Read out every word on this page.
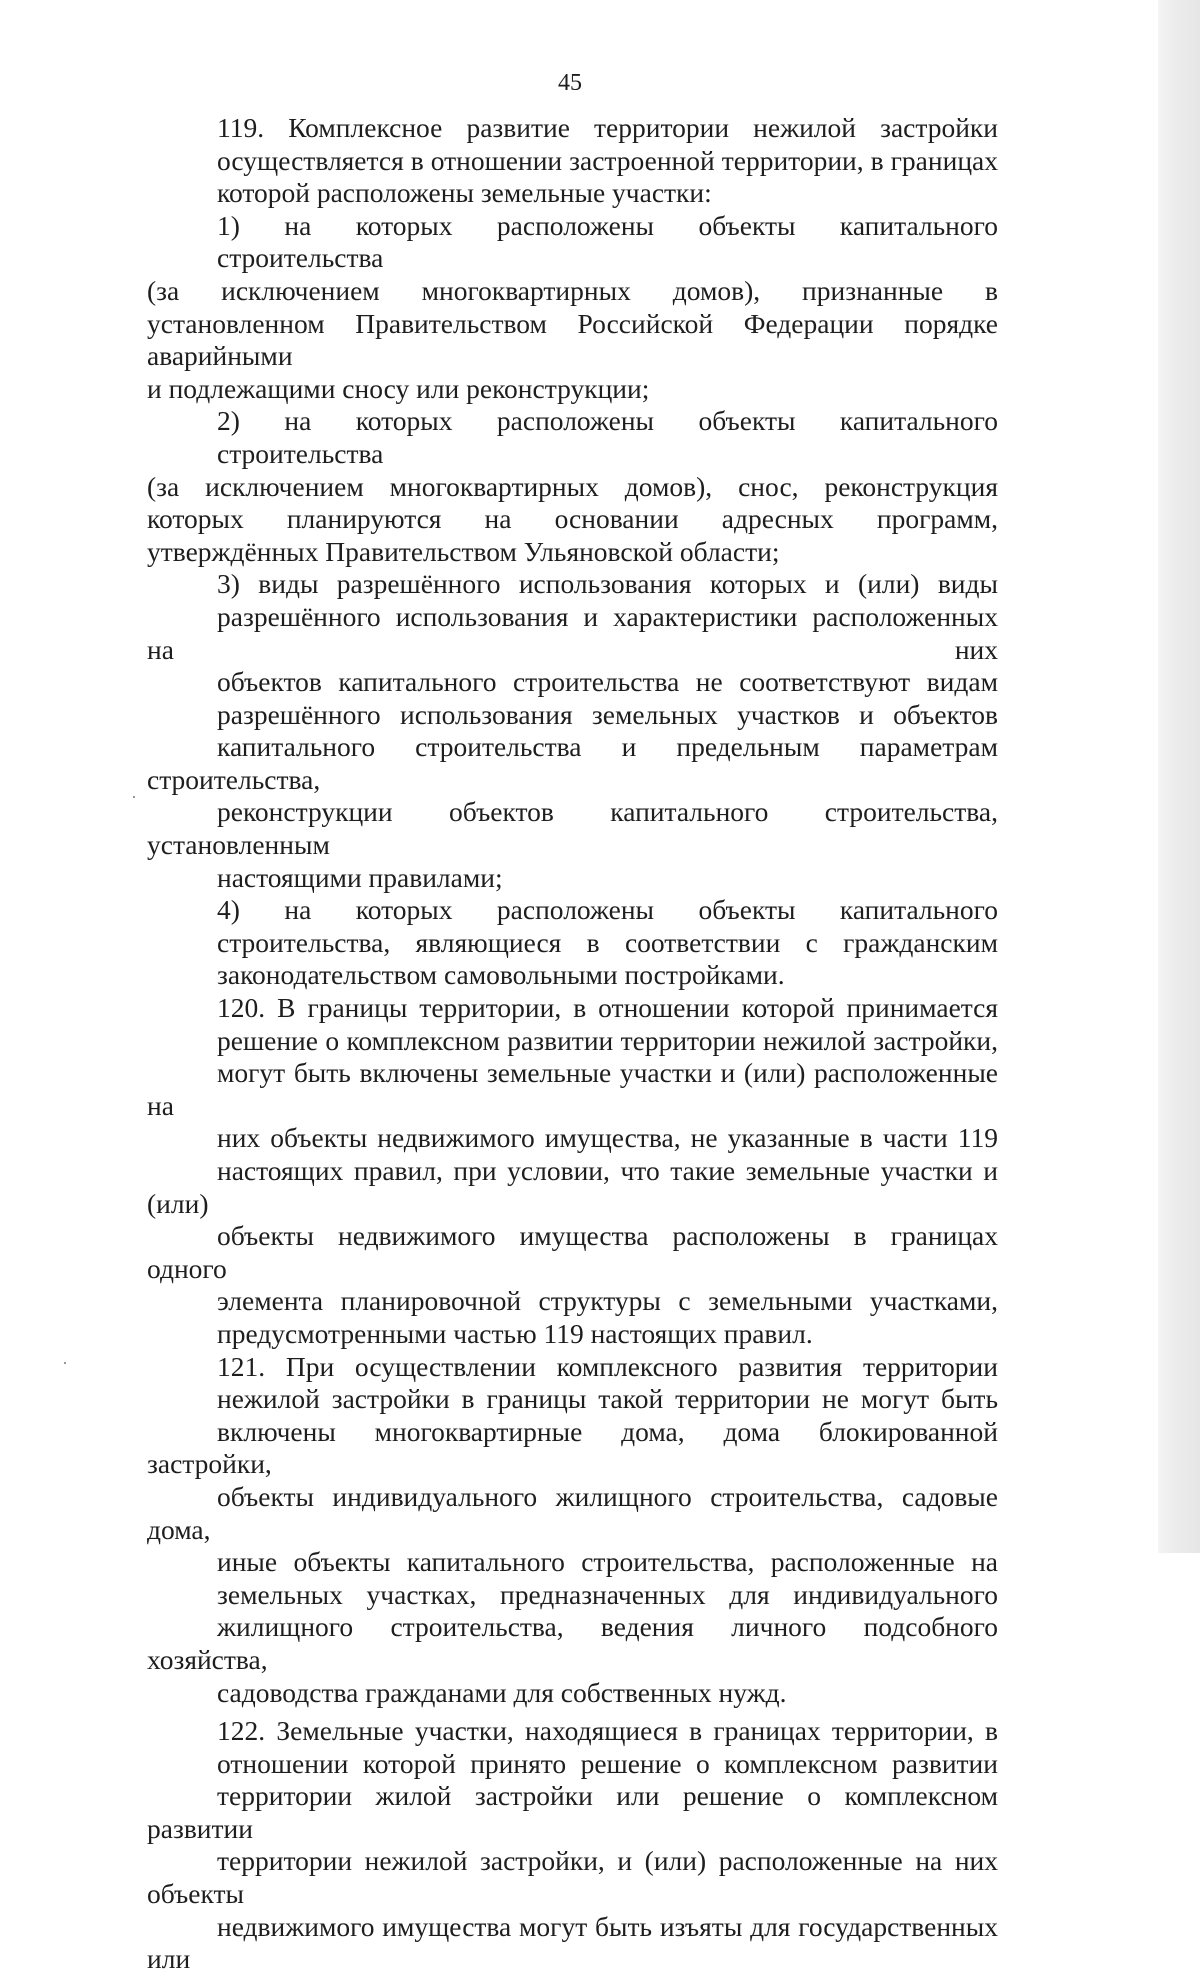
45

119. Комплексное развитие территории нежилой застройки
осуществляется в отношении застроенной территории, в границах
которой расположены земельные участки:

1) на которых расположены объекты капитального
строительства

(за исключением многоквартирных домов), признанные в
установленном Правительством Российской Федерации порядке
аварийными

и подлежащими сносу или реконструкции;

2) на которых расположены объекты капитального
строительства

(за исключением многоквартирных домов), снос, реконструкция
которых планируются на основании адресных программ,
утверждённых Правительством Ульяновской области;

3) виды разрешённого использования которых и (или) виды
разрешённого использования и характеристики расположенных на них
объектов капитального строительства не соответствуют видам
разрешённого использования земельных участков и объектов
капитального строительства и предельным параметрам строительства,
реконструкции объектов капитального строительства, установленным
настоящими правилами;

4) на которых расположены объекты капитального
строительства, являющиеся в соответствии с гражданским
законодательством самовольными постройками.

120. В границы территории, в отношении которой принимается
решение о комплексном развитии территории нежилой застройки,
могут быть включены земельные участки и (или) расположенные на
них объекты недвижимого имущества, не указанные в части 119
настоящих правил, при условии, что такие земельные участки и (или)
объекты недвижимого имущества расположены в границах одного
элемента планировочной структуры с земельными участками,
предусмотренными частью 119 настоящих правил.

121. При осуществлении комплексного развития территории
нежилой застройки в границы такой территории не могут быть
включены многоквартирные дома, дома блокированной застройки,
объекты индивидуального жилищного строительства, садовые дома,
иные объекты капитального строительства, расположенные на
земельных участках, предназначенных для индивидуального
жилищного строительства, ведения личного подсобного хозяйства,
садоводства гражданами для собственных нужд.

122. Земельные участки, находящиеся в границах территории, в
отношении которой принято решение о комплексном развитии
территории жилой застройки или решение о комплексном развитии
территории нежилой застройки, и (или) расположенные на них объекты
недвижимого имущества могут быть изъяты для государственных или
